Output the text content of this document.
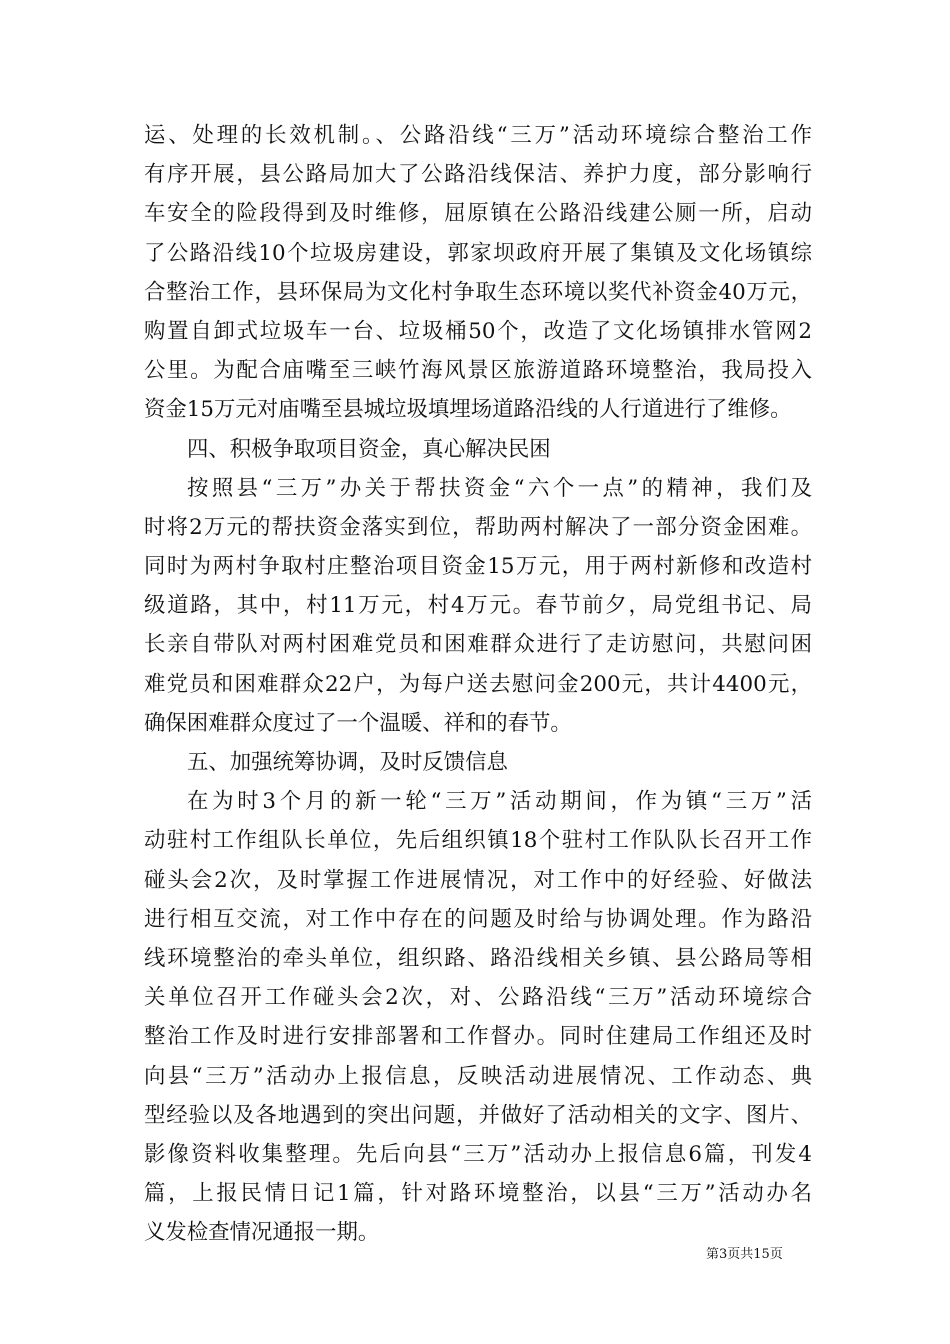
运、处理的长效机制。、公路沿线“三万”活动环境综合整治工作
有序开展，县公路局加大了公路沿线保洁、养护力度，部分影响行
车安全的险段得到及时维修，屈原镇在公路沿线建公厕一所，启动
了公路沿线10个垃圾房建设，郭家坝政府开展了集镇及文化场镇综
合整治工作，县环保局为文化村争取生态环境以奖代补资金40万元，
购置自卸式垃圾车一台、垃圾桶50个，改造了文化场镇排水管网2
公里。为配合庙嘴至三峡竹海风景区旅游道路环境整治，我局投入
资金15万元对庙嘴至县城垃圾填埋场道路沿线的人行道进行了维修。
四、积极争取项目资金，真心解决民困
按照县“三万”办关于帮扶资金“六个一点”的精神，我们及
时将2万元的帮扶资金落实到位，帮助两村解决了一部分资金困难。
同时为两村争取村庄整治项目资金15万元，用于两村新修和改造村
级道路，其中，村11万元，村4万元。春节前夕，局党组书记、局
长亲自带队对两村困难党员和困难群众进行了走访慰问，共慰问困
难党员和困难群众22户，为每户送去慰问金200元，共计4400元，
确保困难群众度过了一个温暖、祥和的春节。
五、加强统筹协调，及时反馈信息
在为时3个月的新一轮“三万”活动期间，作为镇“三万”活
动驻村工作组队长单位，先后组织镇18个驻村工作队队长召开工作
碰头会2次，及时掌握工作进展情况，对工作中的好经验、好做法
进行相互交流，对工作中存在的问题及时给与协调处理。作为路沿
线环境整治的牵头单位，组织路、路沿线相关乡镇、县公路局等相
关单位召开工作碰头会2次，对、公路沿线“三万”活动环境综合
整治工作及时进行安排部署和工作督办。同时住建局工作组还及时
向县“三万”活动办上报信息，反映活动进展情况、工作动态、典
型经验以及各地遇到的突出问题，并做好了活动相关的文字、图片、
影像资料收集整理。先后向县“三万”活动办上报信息6篇，刊发4
篇，上报民情日记1篇，针对路环境整治，以县“三万”活动办名
义发检查情况通报一期。
第3页共15页
